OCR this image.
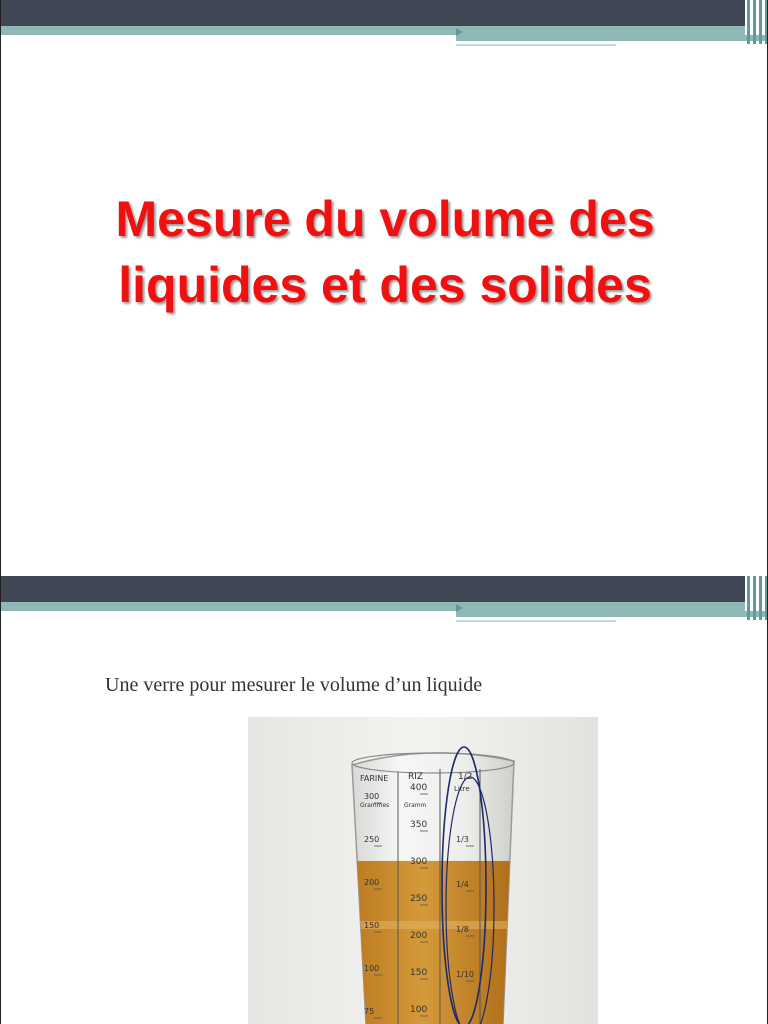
Mesure du volume des
liquides et des solides

Une verre pour mesurer le volume d’un liquide

FARINE RIZ	1/2
Litre
Grammes Gramm
300
250
200
150
100
75
400
350
300
250
200
150
100
1/3
1/4
1/8
1/10
